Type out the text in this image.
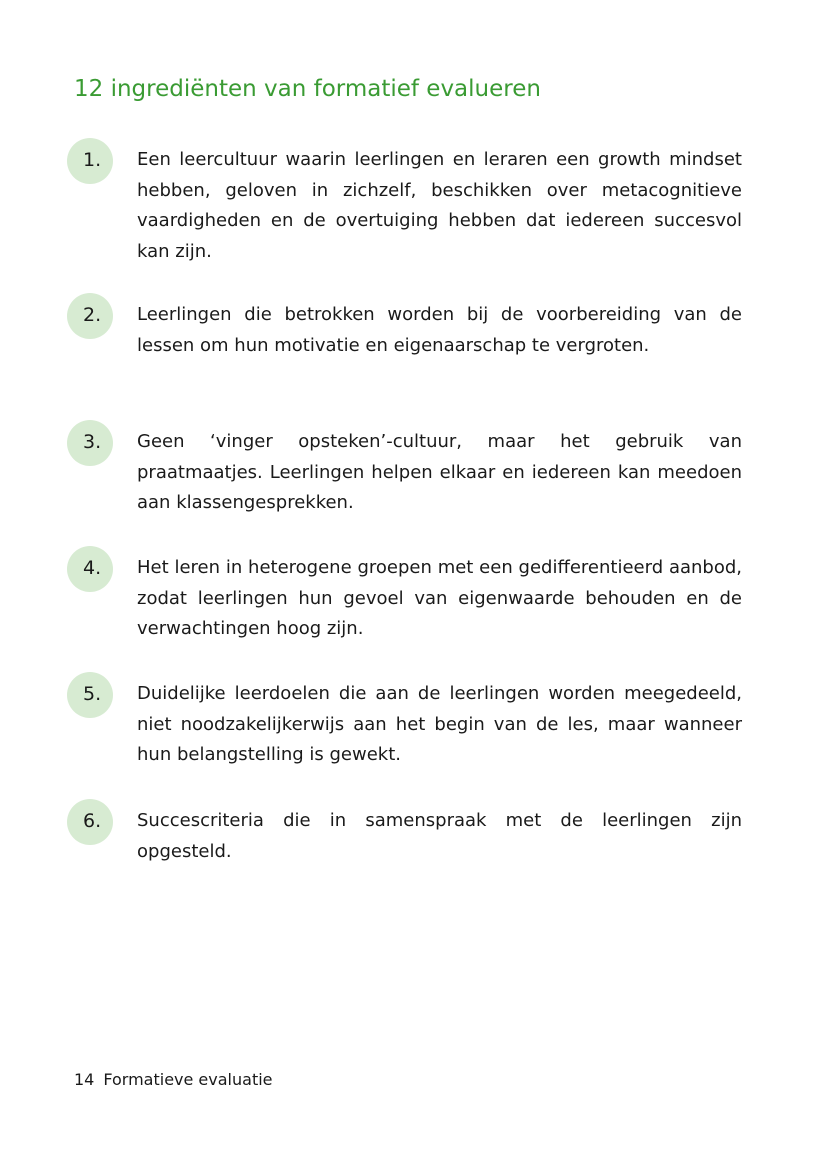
12 ingrediënten van formatief evalueren
1. Een leercultuur waarin leerlingen en leraren een growth mindset hebben, geloven in zichzelf, beschikken over metacognitieve vaardigheden en de overtuiging hebben dat iedereen succesvol kan zijn.

2. Leerlingen die betrokken worden bij de voorbereiding van de lessen om hun motivatie en eigenaarschap te vergroten.

3. Geen ‘vinger opsteken’-cultuur, maar het gebruik van praatmaatjes. Leerlingen helpen elkaar en iedereen kan meedoen aan klassengesprekken.

4. Het leren in heterogene groepen met een gedifferentieerd aanbod, zodat leerlingen hun gevoel van eigenwaarde behouden en de verwachtingen hoog zijn.

5. Duidelijke leerdoelen die aan de leerlingen worden meegedeeld, niet noodzakelijkerwijs aan het begin van de les, maar wanneer hun belangstelling is gewekt.

6. Succescriteria die in samenspraak met de leerlingen zijn opgesteld.

14 Formatieve evaluatie
